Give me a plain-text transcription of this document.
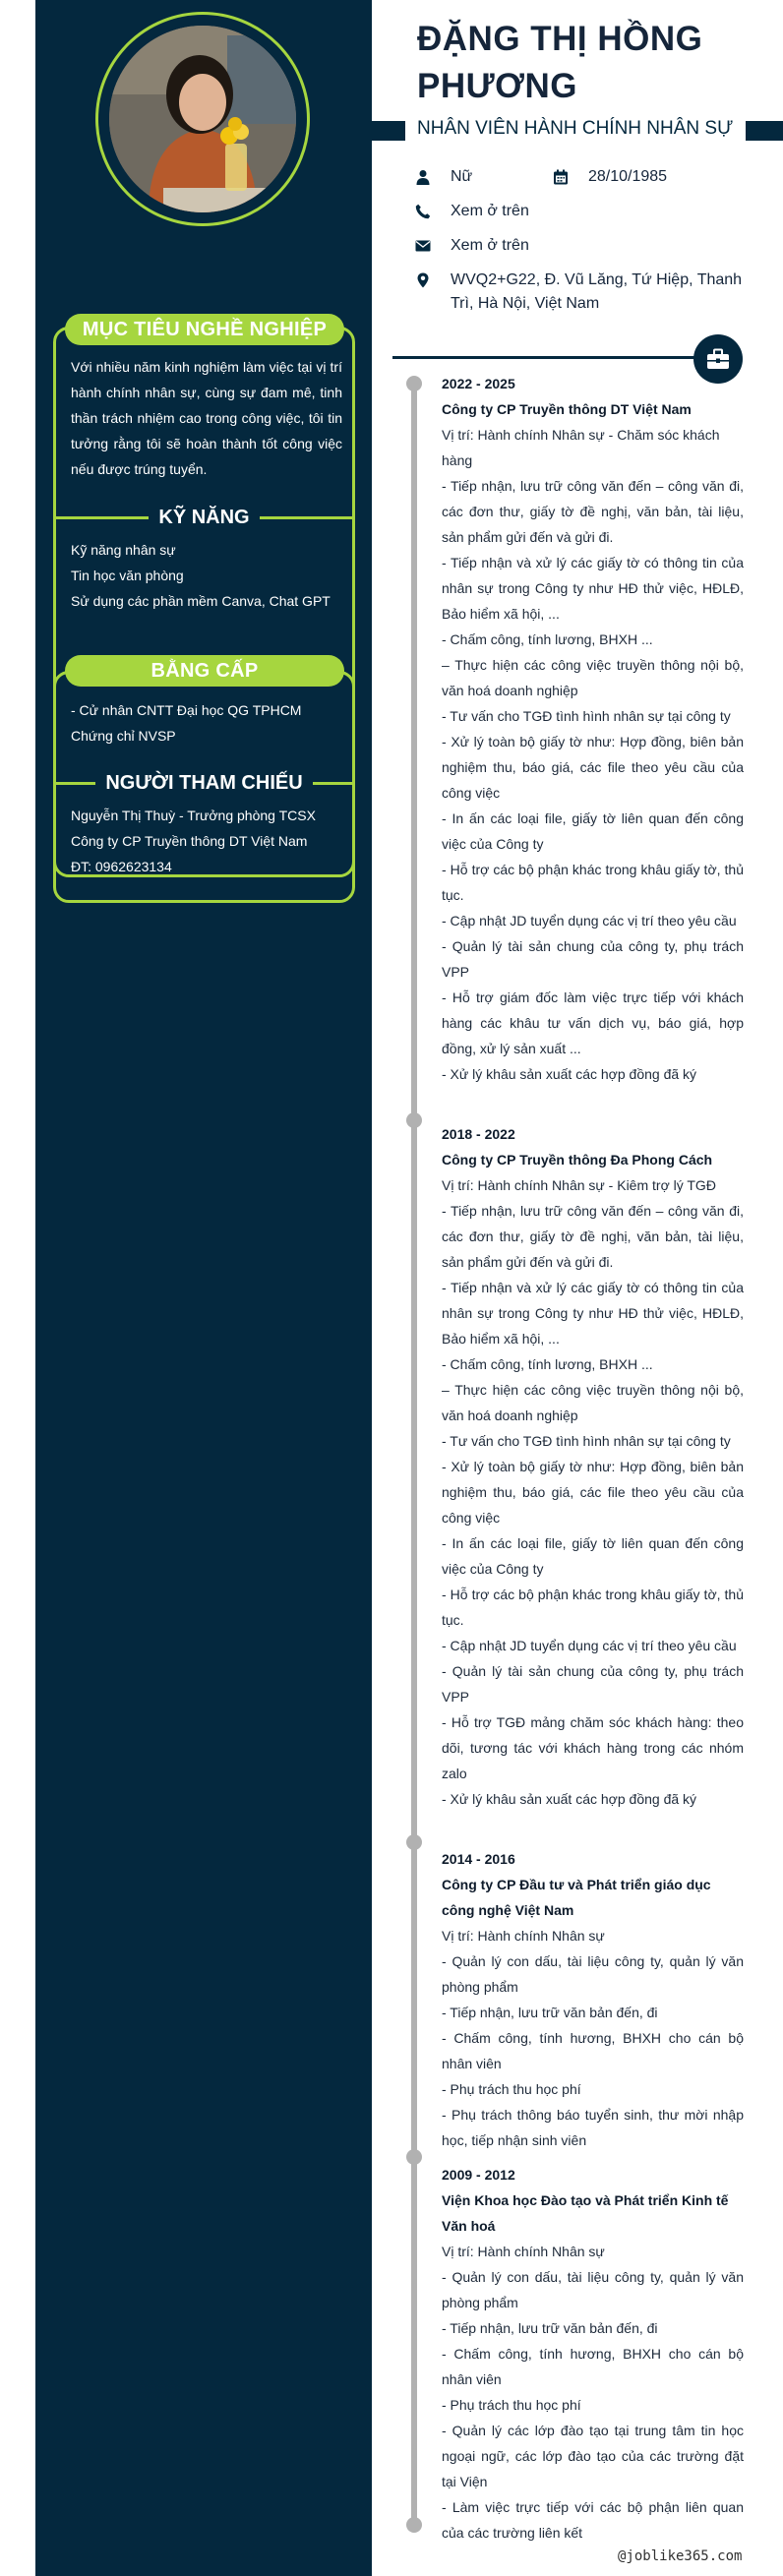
MỤC TIÊU NGHỀ NGHIỆP
Với nhiều năm kinh nghiệm làm việc tại vị trí hành chính nhân sự, cùng sự đam mê, tinh thần trách nhiệm cao trong công việc, tôi tin tưởng rằng tôi sẽ hoàn thành tốt công việc nếu được trúng tuyển.
KỸ NĂNG

Kỹ năng nhân sự

Tin học văn phòng

Sử dụng các phần mềm Canva, Chat GPT

BẰNG CẤP

- Cử nhân CNTT Đại học QG TPHCM

Chứng chỉ NVSP

NGƯỜI THAM CHIẾU

Nguyễn Thị Thuỳ - Trưởng phòng TCSX

Công ty CP Truyền thông DT Việt Nam

ĐT: 0962623134

ĐẶNG THỊ HỒNG PHƯƠNG
NHÂN VIÊN HÀNH CHÍNH NHÂN SỰ
Nữ	28/10/1985
Xem ở trên
Xem ở trên
WVQ2+G22, Đ. Vũ Lăng, Tứ Hiệp, Thanh Trì, Hà Nội, Việt Nam
2022 - 2025
Công ty CP Truyền thông DT Việt Nam
Vị trí: Hành chính Nhân sự - Chăm sóc khách hàng
- Tiếp nhận, lưu trữ công văn đến – công văn đi, các đơn thư, giấy tờ đề nghị, văn bản, tài liệu, sản phẩm gửi đến và gửi đi.
- Tiếp nhận và xử lý các giấy tờ có thông tin của nhân sự trong Công ty như HĐ thử việc, HĐLĐ, Bảo hiểm xã hội, ...
- Chấm công, tính lương, BHXH ...
– Thực hiện các công việc truyền thông nội bộ, văn hoá doanh nghiệp
- Tư vấn cho TGĐ tình hình nhân sự tại công ty
- Xử lý toàn bộ giấy tờ như: Hợp đồng, biên bản nghiệm thu, báo giá, các file theo yêu cầu của công việc
- In ấn các loại file, giấy tờ liên quan đến công việc của Công ty
- Hỗ trợ các bộ phận khác trong khâu giấy tờ, thủ tục.
- Cập nhật JD tuyển dụng các vị trí theo yêu cầu
- Quản lý tài sản chung của công ty, phụ trách VPP
- Hỗ trợ giám đốc làm việc trực tiếp với khách hàng các khâu tư vấn dịch vụ, báo giá, hợp đồng, xử lý sản xuất ...
- Xử lý khâu sản xuất các hợp đồng đã ký
2018 - 2022
Công ty CP Truyền thông Đa Phong Cách
Vị trí: Hành chính Nhân sự - Kiêm trợ lý TGĐ
- Tiếp nhận, lưu trữ công văn đến – công văn đi, các đơn thư, giấy tờ đề nghị, văn bản, tài liệu, sản phẩm gửi đến và gửi đi.
- Tiếp nhận và xử lý các giấy tờ có thông tin của nhân sự trong Công ty như HĐ thử việc, HĐLĐ, Bảo hiểm xã hội, ...
- Chấm công, tính lương, BHXH ...
– Thực hiện các công việc truyền thông nội bộ, văn hoá doanh nghiệp
- Tư vấn cho TGĐ tình hình nhân sự tại công ty
- Xử lý toàn bộ giấy tờ như: Hợp đồng, biên bản nghiệm thu, báo giá, các file theo yêu cầu của công việc
- In ấn các loại file, giấy tờ liên quan đến công việc của Công ty
- Hỗ trợ các bộ phận khác trong khâu giấy tờ, thủ tục.
- Cập nhật JD tuyển dụng các vị trí theo yêu cầu
- Quản lý tài sản chung của công ty, phụ trách VPP
- Hỗ trợ TGĐ mảng chăm sóc khách hàng: theo dõi, tương tác với khách hàng trong các nhóm zalo
- Xử lý khâu sản xuất các hợp đồng đã ký
2014 - 2016
Công ty CP Đầu tư và Phát triển giáo dục công nghệ Việt Nam
Vị trí: Hành chính Nhân sự
- Quản lý con dấu, tài liệu công ty, quản lý văn phòng phẩm
- Tiếp nhận, lưu trữ văn bản đến, đi
- Chấm công, tính hương, BHXH cho cán bộ nhân viên
- Phụ trách thu học phí
- Phụ trách thông báo tuyển sinh, thư mời nhập học, tiếp nhận sinh viên
2009 - 2012
Viện Khoa học Đào tạo và Phát triển Kinh tế Văn hoá
Vị trí: Hành chính Nhân sự
- Quản lý con dấu, tài liệu công ty, quản lý văn phòng phẩm
- Tiếp nhận, lưu trữ văn bản đến, đi
- Chấm công, tính hương, BHXH cho cán bộ nhân viên
- Phụ trách thu học phí
- Quản lý các lớp đào tạo tại trung tâm tin học ngoại ngữ, các lớp đào tạo của các trường đặt tại Viện
- Làm việc trực tiếp với các bộ phận liên quan của các trường liên kết
@joblike365.com
